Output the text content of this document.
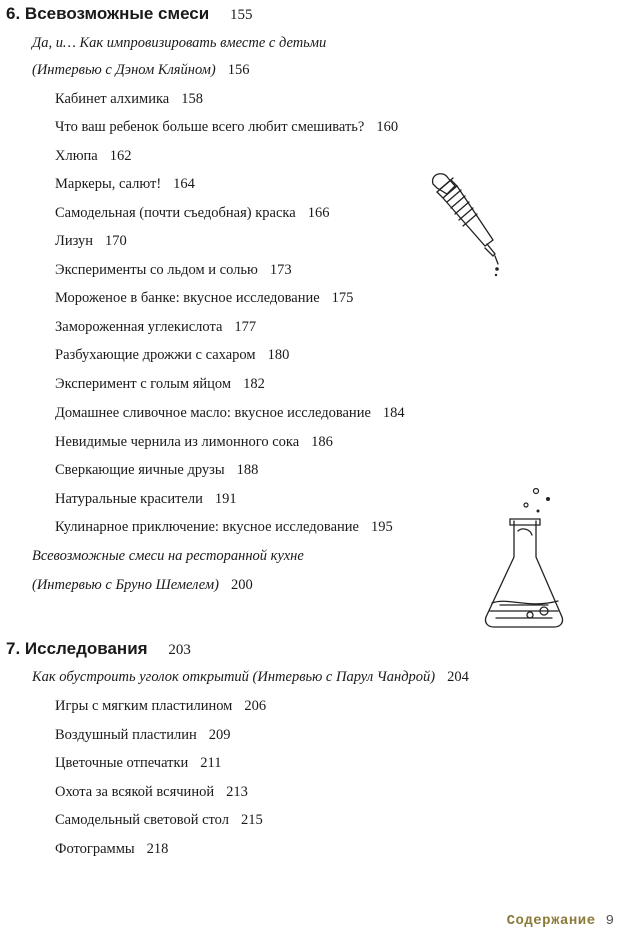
6. Всевозможные смеси 155
Да, и… Как импровизировать вместе с детьми
(Интервью с Дэном Кляйном) 156
Кабинет алхимика 158
Что ваш ребенок больше всего любит смешивать? 160
Хлюпа 162
Маркеры, салют! 164
Самодельная (почти съедобная) краска 166
Лизун 170
Эксперименты со льдом и солью 173
Мороженое в банке: вкусное исследование 175
Замороженная углекислота 177
Разбухающие дрожжи с сахаром 180
Эксперимент с голым яйцом 182
Домашнее сливочное масло: вкусное исследование 184
Невидимые чернила из лимонного сока 186
Сверкающие яичные друзы 188
Натуральные красители 191
Кулинарное приключение: вкусное исследование 195
Всевозможные смеси на ресторанной кухне
(Интервью с Бруно Шемелем) 200
7. Исследования 203
Как обустроить уголок открытий (Интервью с Парул Чандрой) 204
Игры с мягким пластилином 206
Воздушный пластилин 209
Цветочные отпечатки 211
Охота за всякой всячиной 213
Самодельный световой стол 215
Фотограммы 218
Содержание 9
